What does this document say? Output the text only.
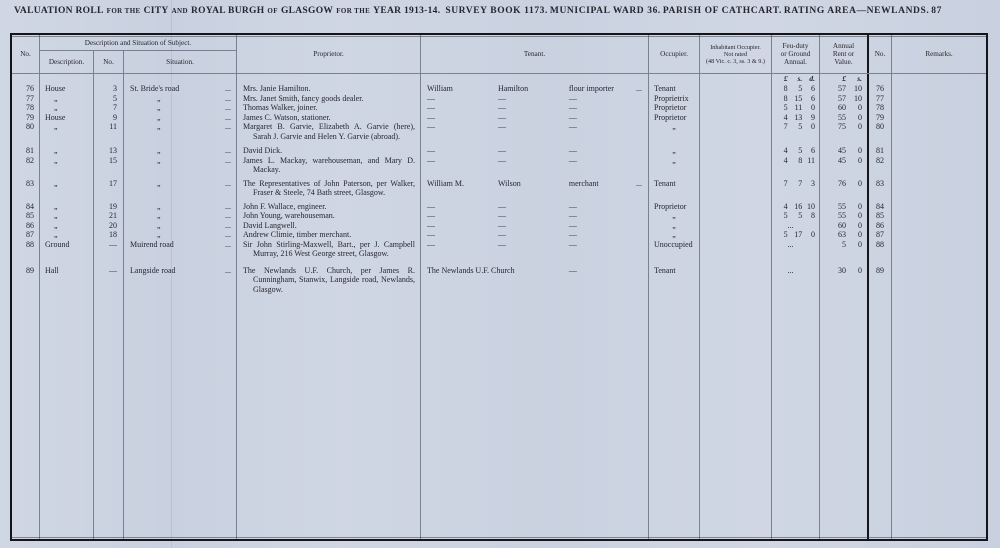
VALUATION ROLL FOR THE CITY AND ROYAL BURGH OF GLASGOW FOR THE YEAR 1913-14. SURVEY BOOK 1173. MUNICIPAL WARD 36. PARISH OF CATHCART. RATING AREA—NEWLANDS. 87
No.
Description and Situation of Subject.
Description.	No.	Situation.
Proprietor.	Tenant.	Occupier.
Inhabitant Occupier.
Not rated
(48 Vic. c. 3, ss. 3 & 9.)
Feu-duty
or Ground
Annual.
Annual
Rent or
Value.
No.	Remarks.
£	s. d.	£	s.
76	House	3	St. Bride's road	...	Mrs. Janie Hamilton.	William	Hamilton	flour importer	...	Tenant	8	5	6	57	10	76
77	„	5	„	...	Mrs. Janet Smith, fancy goods dealer.	—	—	—	Proprietrix	8 15	6	57	10	77
78	„	7	„	...	Thomas Walker, joiner.	—	—	—	Proprietor	5 11	0	60	0	78
79	House	9	„	...	James C. Watson, stationer.	—	—	—	Proprietor	4 13	9	55	0	79
80	„	11	„	...	Margaret B. Garvie, Elizabeth A. Garvie (here), Sarah J. Garvie and Helen Y. Garvie (abroad).
—	—	—	„	7	5	0	75	0	80
81	„	13	„	...	David Dick.	—	—	—	„	4	5	6	45	0	81
82	„	15	„	...	James L. Mackay, warehouseman, and Mary D. Mackay.
—	—	—	„	4	8 11	45	0	82
83	„	17	„	...	The Representatives of John Paterson, per Walker, Fraser & Steele, 74 Bath street, Glasgow.
William M.	Wilson	merchant	...	Tenant	7	7	3	76	0	83
84	„	19	„	...	John F. Wallace, engineer.	—	—	—	Proprietor	4 16 10	55	0	84
85	„	21	„	...	John Young, warehouseman.	—	—	—	„	5	5	8	55	0	85
86	„	20	„	...	David Langwell.	—	—	—	„	...	60	0	86
87	„	18	„	...	Andrew Climie, timber merchant.	—	—	—	„	5 17	0	63	0	87
88	Ground	—	Muirend road	...	Sir John Stirling-Maxwell, Bart., per J. Campbell Murray, 216 West George street, Glasgow.
—	—	—	Unoccupied	...	5	0	88
89	Hall	—	Langside road	...	The Newlands U.F. Church, per James R. Cunningham, Stanwix, Langside road, Newlands, Glasgow.
The Newlands U.F. Church	—	Tenant	...	30	0	89
